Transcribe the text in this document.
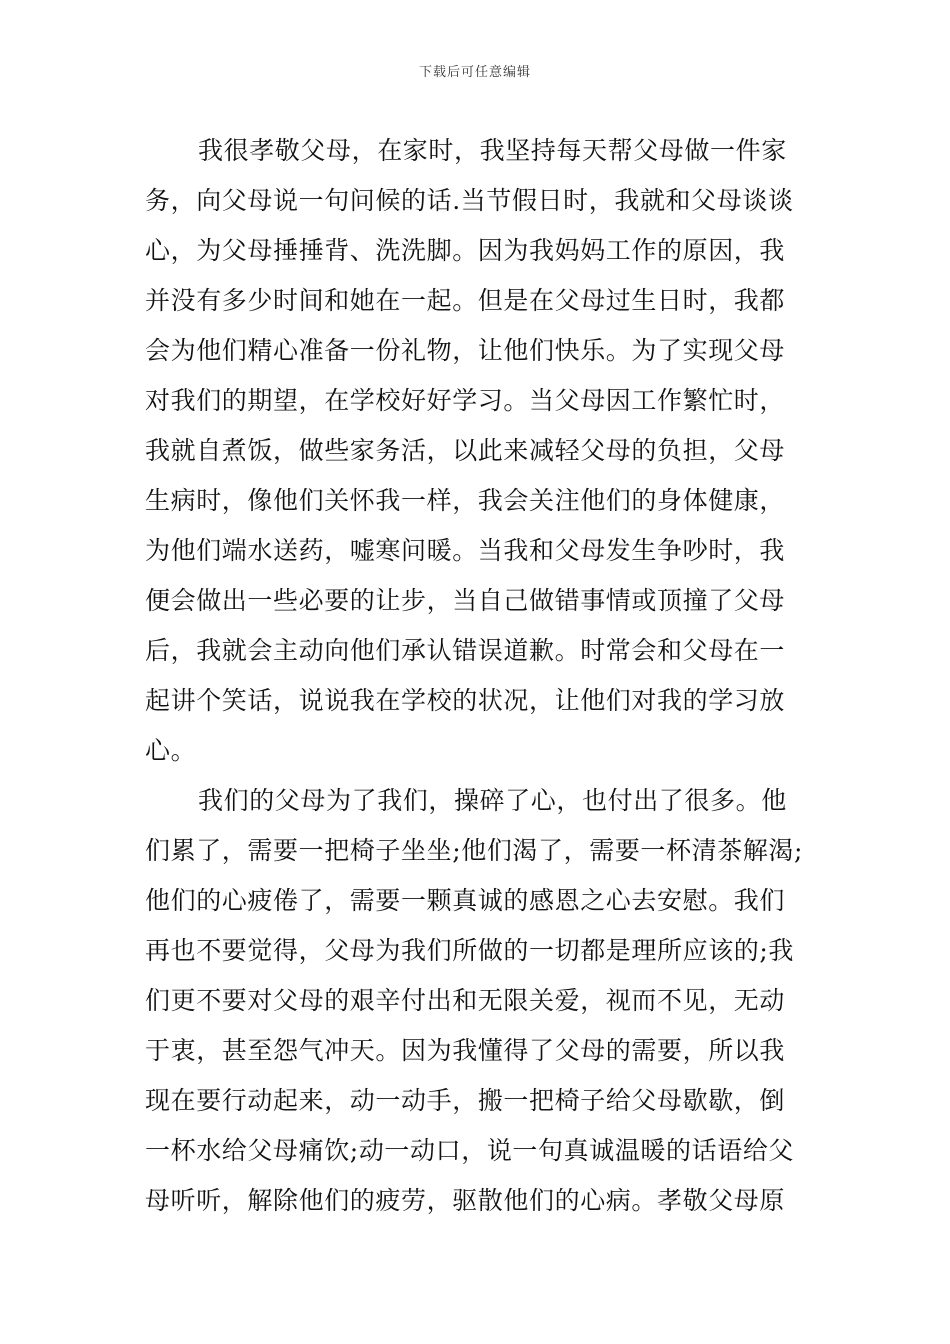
下载后可任意编辑
我很孝敬父母，在家时，我坚持每天帮父母做一件家
务，向父母说一句问候的话.当节假日时，我就和父母谈谈
心，为父母捶捶背、洗洗脚。因为我妈妈工作的原因，我
并没有多少时间和她在一起。但是在父母过生日时，我都
会为他们精心准备一份礼物，让他们快乐。为了实现父母
对我们的期望，在学校好好学习。当父母因工作繁忙时，
我就自煮饭，做些家务活，以此来减轻父母的负担，父母
生病时，像他们关怀我一样，我会关注他们的身体健康，
为他们端水送药，嘘寒问暖。当我和父母发生争吵时，我
便会做出一些必要的让步，当自己做错事情或顶撞了父母
后，我就会主动向他们承认错误道歉。时常会和父母在一
起讲个笑话，说说我在学校的状况，让他们对我的学习放
心。
我们的父母为了我们，操碎了心，也付出了很多。他
们累了，需要一把椅子坐坐;他们渴了，需要一杯清茶解渴;
他们的心疲倦了，需要一颗真诚的感恩之心去安慰。我们
再也不要觉得，父母为我们所做的一切都是理所应该的;我
们更不要对父母的艰辛付出和无限关爱，视而不见，无动
于衷，甚至怨气冲天。因为我懂得了父母的需要，所以我
现在要行动起来，动一动手，搬一把椅子给父母歇歇，倒
一杯水给父母痛饮;动一动口，说一句真诚温暖的话语给父
母听听，解除他们的疲劳，驱散他们的心病。孝敬父母原
